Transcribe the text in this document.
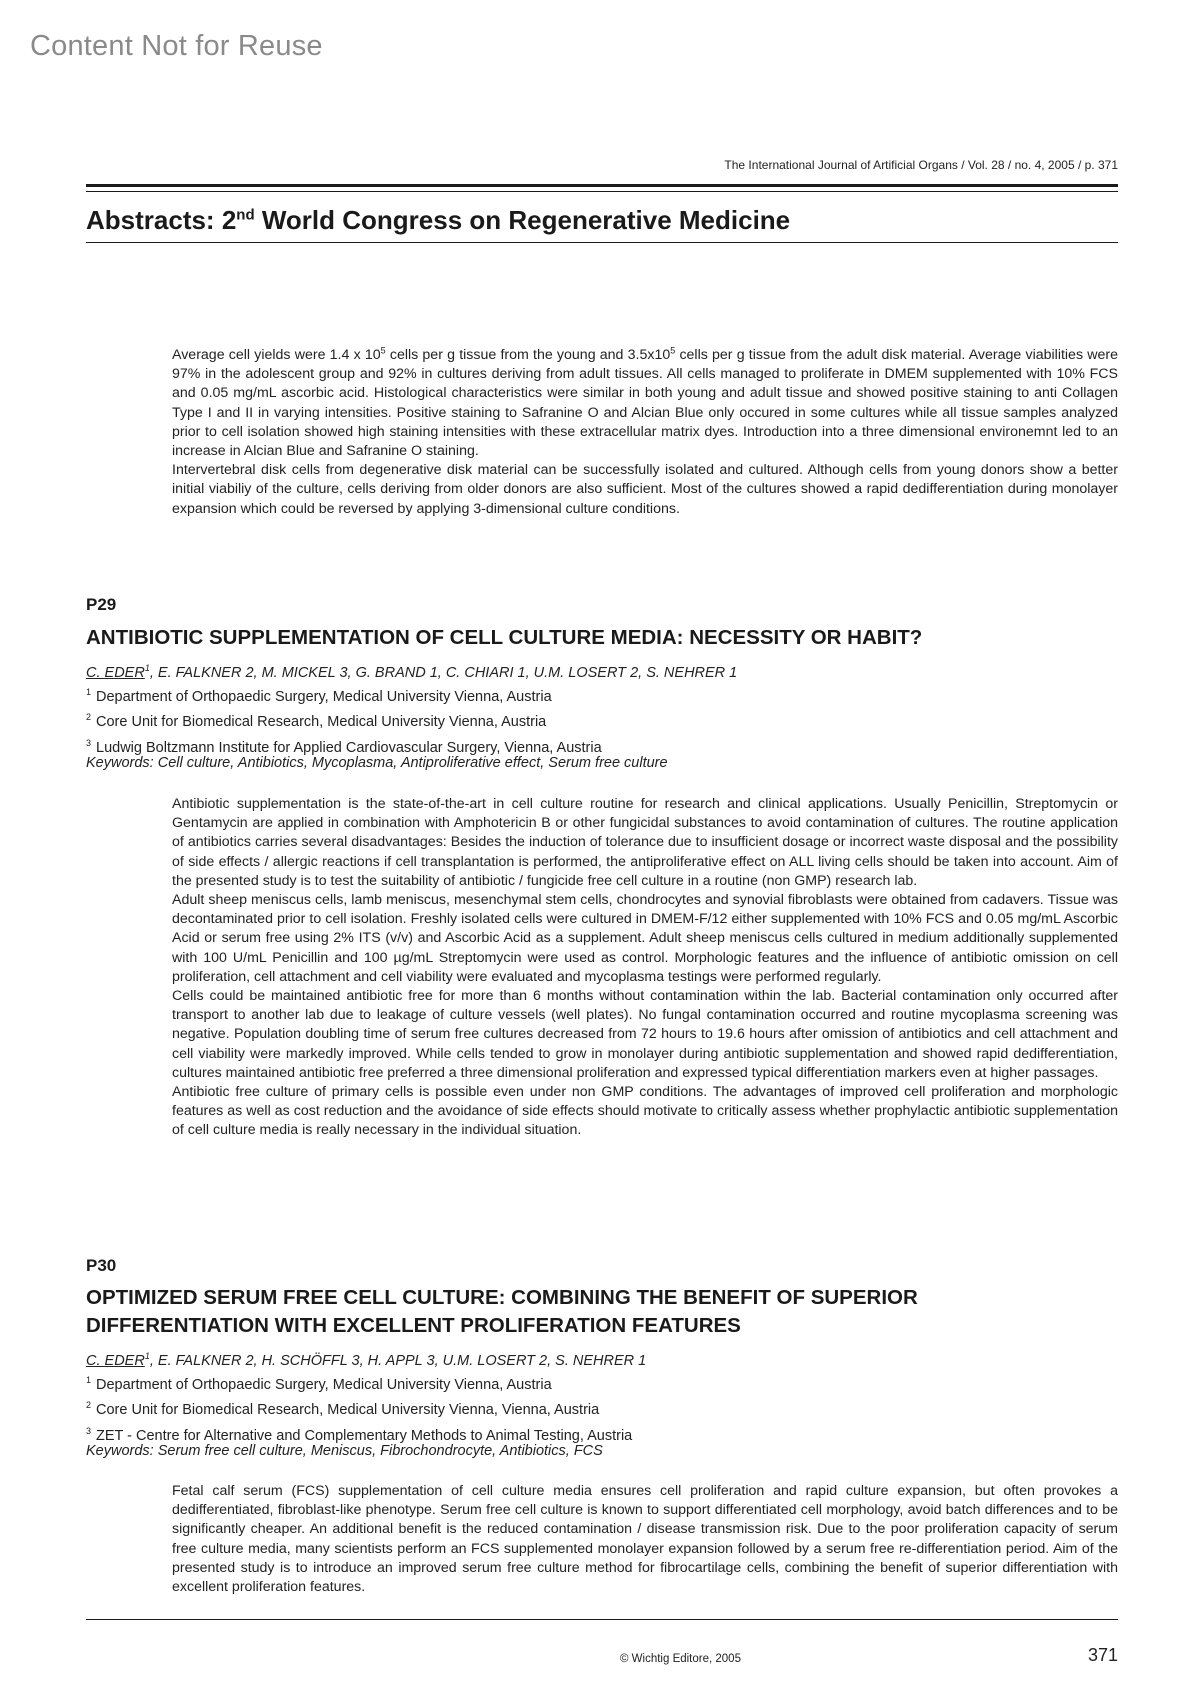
Content Not for Reuse
The International Journal of Artificial Organs / Vol. 28 / no. 4, 2005 / p. 371
Abstracts: 2nd World Congress on Regenerative Medicine

Average cell yields were 1.4 x $10^5$ cells per g tissue from the young and $3.5x10^5$ cells per g tissue from the adult disk material. Average viabilities were 97% in the adolescent group and 92% in cultures deriving from adult tissues. All cells managed to proliferate in DMEM supplemented with 10% FCS and 0.05 mg/mL ascorbic acid. Histological characteristics were similar in both young and adult tissue and showed positive staining to anti Collagen Type I and II in varying intensities. Positive staining to Safranine O and Alcian Blue only occured in some cultures while all tissue samples analyzed prior to cell isolation showed high staining intensities with these extracellular matrix dyes. Introduction into a three dimensional environemnt led to an increase in Alcian Blue and Safranine O staining.

Intervertebral disk cells from degenerative disk material can be successfully isolated and cultured. Although cells from young donors show a better initial viabiliy of the culture, cells deriving from older donors are also sufficient. Most of the cultures showed a rapid dedifferentiation during monolayer expansion which could be reversed by applying 3-dimensional culture conditions.

P29
ANTIBIOTIC SUPPLEMENTATION OF CELL CULTURE MEDIA: NECESSITY OR HABIT?
C. EDER$^1$, E. FALKNER 2, M. MICKEL 3, G. BRAND 1, C. CHIARI 1, U.M. LOSERT 2, S. NEHRER 1
$^1$ Department of Orthopaedic Surgery, Medical University Vienna, Austria
$^2$ Core Unit for Biomedical Research, Medical University Vienna, Austria
$^3$ Ludwig Boltzmann Institute for Applied Cardiovascular Surgery, Vienna, Austria
Keywords: Cell culture, Antibiotics, Mycoplasma, Antiproliferative effect, Serum free culture

Antibiotic supplementation is the state-of-the-art in cell culture routine for research and clinical applications. Usually Penicillin, Streptomycin or Gentamycin are applied in combination with Amphotericin B or other fungicidal substances to avoid contamination of cultures. The routine application of antibiotics carries several disadvantages: Besides the induction of tolerance due to insufficient dosage or incorrect waste disposal and the possibility of side effects / allergic reactions if cell transplantation is performed, the antiproliferative effect on ALL living cells should be taken into account. Aim of the presented study is to test the suitability of antibiotic / fungicide free cell culture in a routine (non GMP) research lab.

Adult sheep meniscus cells, lamb meniscus, mesenchymal stem cells, chondrocytes and synovial fibroblasts were obtained from cadavers. Tissue was decontaminated prior to cell isolation. Freshly isolated cells were cultured in DMEM-F/12 either supplemented with 10% FCS and 0.05 mg/mL Ascorbic Acid or serum free using 2% ITS (v/v) and Ascorbic Acid as a supplement. Adult sheep meniscus cells cultured in medium additionally supplemented with 100 U/mL Penicillin and 100 µg/mL Streptomycin were used as control. Morphologic features and the influence of antibiotic omission on cell proliferation, cell attachment and cell viability were evaluated and mycoplasma testings were performed regularly.

Cells could be maintained antibiotic free for more than 6 months without contamination within the lab. Bacterial contamination only occurred after transport to another lab due to leakage of culture vessels (well plates). No fungal contamination occurred and routine mycoplasma screening was negative. Population doubling time of serum free cultures decreased from 72 hours to 19.6 hours after omission of antibiotics and cell attachment and cell viability were markedly improved. While cells tended to grow in monolayer during antibiotic supplementation and showed rapid dedifferentiation, cultures maintained antibiotic free preferred a three dimensional proliferation and expressed typical differentiation markers even at higher passages.

Antibiotic free culture of primary cells is possible even under non GMP conditions. The advantages of improved cell proliferation and morphologic features as well as cost reduction and the avoidance of side effects should motivate to critically assess whether prophylactic antibiotic supplementation of cell culture media is really necessary in the individual situation.

P30
OPTIMIZED SERUM FREE CELL CULTURE: COMBINING THE BENEFIT OF SUPERIOR
DIFFERENTIATION WITH EXCELLENT PROLIFERATION FEATURES
C. EDER$^1$, E. FALKNER 2, H. SCHÖFFL 3, H. APPL 3, U.M. LOSERT 2, S. NEHRER 1
$^1$ Department of Orthopaedic Surgery, Medical University Vienna, Austria
$^2$ Core Unit for Biomedical Research, Medical University Vienna, Vienna, Austria
$^3$ ZET - Centre for Alternative and Complementary Methods to Animal Testing, Austria
Keywords: Serum free cell culture, Meniscus, Fibrochondrocyte, Antibiotics, FCS

Fetal calf serum (FCS) supplementation of cell culture media ensures cell proliferation and rapid culture expansion, but often provokes a dedifferentiated, fibroblast-like phenotype. Serum free cell culture is known to support differentiated cell morphology, avoid batch differences and to be significantly cheaper. An additional benefit is the reduced contamination / disease transmission risk. Due to the poor proliferation capacity of serum free culture media, many scientists perform an FCS supplemented monolayer expansion followed by a serum free re-differentiation period. Aim of the presented study is to introduce an improved serum free culture method for fibrocartilage cells, combining the benefit of superior differentiation with excellent proliferation features.

© Wichtig Editore, 2005	371
